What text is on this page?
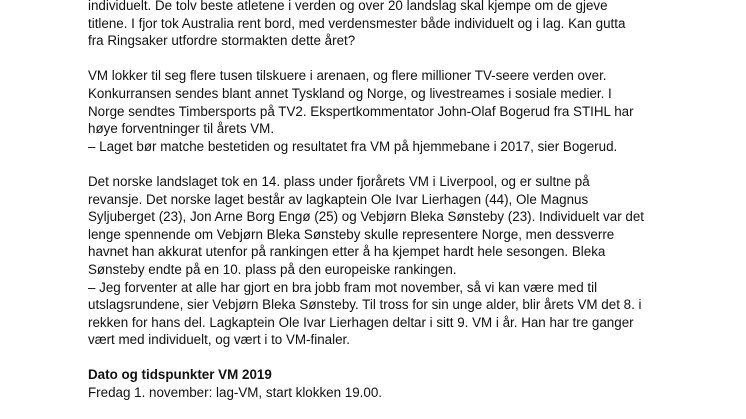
individuelt. De tolv beste atletene i verden og over 20 landslag skal kjempe om de gjeve
titlene. I fjor tok Australia rent bord, med verdensmester både individuelt og i lag. Kan gutta
fra Ringsaker utfordre stormakten dette året?

VM lokker til seg flere tusen tilskuere i arenaen, og flere millioner TV-seere verden over.
Konkurransen sendes blant annet Tyskland og Norge, og livestreames i sosiale medier. I
Norge sendtes Timbersports på TV2. Ekspertkommentator John-Olaf Bogerud fra STIHL har
høye forventninger til årets VM.
– Laget bør matche bestetiden og resultatet fra VM på hjemmebane i 2017, sier Bogerud.

Det norske landslaget tok en 14. plass under fjorårets VM i Liverpool, og er sultne på
revansje. Det norske laget består av lagkaptein Ole Ivar Lierhagen (44), Ole Magnus
Syljuberget (23), Jon Arne Borg Engø (25) og Vebjørn Bleka Sønsteby (23). Individuelt var det
lenge spennende om Vebjørn Bleka Sønsteby skulle representere Norge, men dessverre
havnet han akkurat utenfor på rankingen etter å ha kjempet hardt hele sesongen. Bleka
Sønsteby endte på en 10. plass på den europeiske rankingen.
– Jeg forventer at alle har gjort en bra jobb fram mot november, så vi kan være med til
utslagsrundene, sier Vebjørn Bleka Sønsteby. Til tross for sin unge alder, blir årets VM det 8. i
rekken for hans del. Lagkaptein Ole Ivar Lierhagen deltar i sitt 9. VM i år. Han har tre ganger
vært med individuelt, og vært i to VM-finaler.

Dato og tidspunkter VM 2019
Fredag 1. november: lag-VM, start klokken 19.00.
